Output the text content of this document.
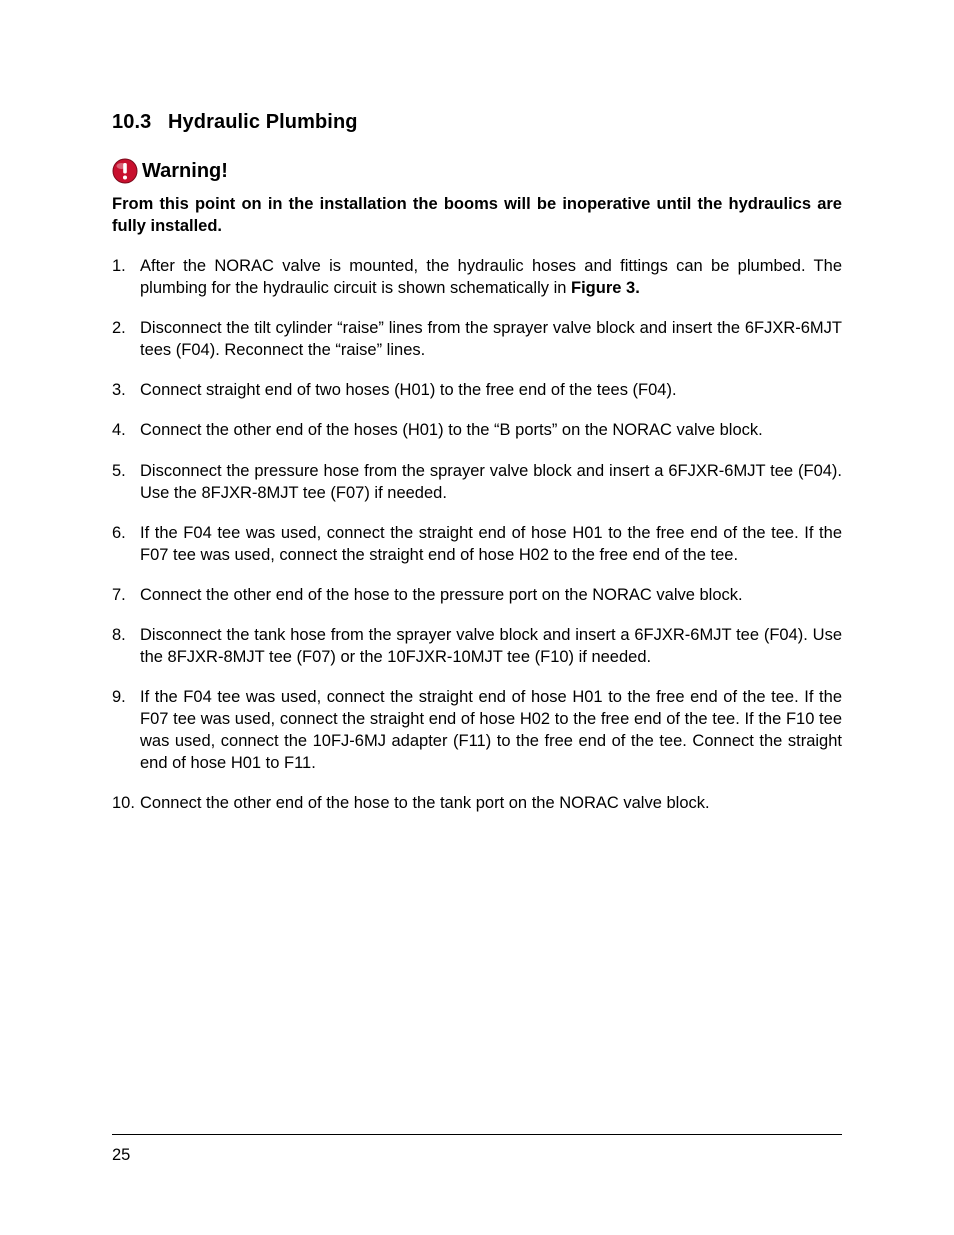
10.3 Hydraulic Plumbing
Warning!

From this point on in the installation the booms will be inoperative until the hydraulics are fully installed.

1. After the NORAC valve is mounted, the hydraulic hoses and fittings can be plumbed. The plumbing for the hydraulic circuit is shown schematically in Figure 3.
2. Disconnect the tilt cylinder “raise” lines from the sprayer valve block and insert the 6FJXR-6MJT tees (F04). Reconnect the “raise” lines.
3. Connect straight end of two hoses (H01) to the free end of the tees (F04).
4. Connect the other end of the hoses (H01) to the “B ports” on the NORAC valve block.
5. Disconnect the pressure hose from the sprayer valve block and insert a 6FJXR-6MJT tee (F04). Use the 8FJXR-8MJT tee (F07) if needed.
6. If the F04 tee was used, connect the straight end of hose H01 to the free end of the tee. If the F07 tee was used, connect the straight end of hose H02 to the free end of the tee.
7. Connect the other end of the hose to the pressure port on the NORAC valve block.
8. Disconnect the tank hose from the sprayer valve block and insert a 6FJXR-6MJT tee (F04). Use the 8FJXR-8MJT tee (F07) or the 10FJXR-10MJT tee (F10) if needed.
9. If the F04 tee was used, connect the straight end of hose H01 to the free end of the tee. If the F07 tee was used, connect the straight end of hose H02 to the free end of the tee. If the F10 tee was used, connect the 10FJ-6MJ adapter (F11) to the free end of the tee. Connect the straight end of hose H01 to F11.
10. Connect the other end of the hose to the tank port on the NORAC valve block.
25
